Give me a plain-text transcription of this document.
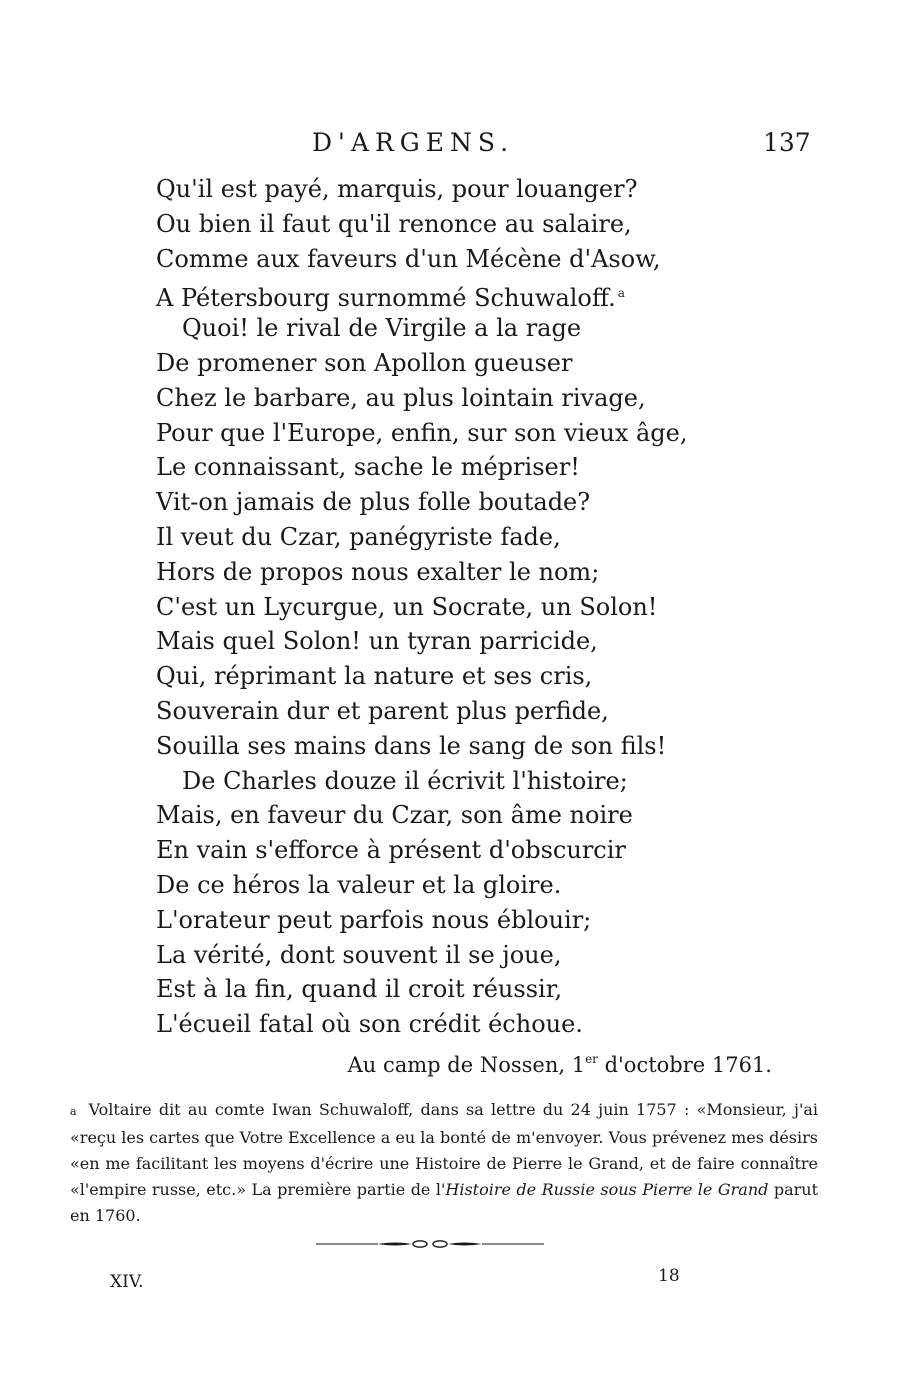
D'ARGENS.	137
Qu'il est payé, marquis, pour louanger?
Ou bien il faut qu'il renonce au salaire,
Comme aux faveurs d'un Mécène d'Asow,
A Pétersbourg surnommé Schuwaloff. $^a$
Quoi! le rival de Virgile a la rage
De promener son Apollon gueuser
Chez le barbare, au plus lointain rivage,
Pour que l'Europe, enfin, sur son vieux âge,
Le connaissant, sache le mépriser!
Vit-on jamais de plus folle boutade?
Il veut du Czar, panégyriste fade,
Hors de propos nous exalter le nom;
C'est un Lycurgue, un Socrate, un Solon!
Mais quel Solon! un tyran parricide,
Qui, réprimant la nature et ses cris,
Souverain dur et parent plus perfide,
Souilla ses mains dans le sang de son fils!
De Charles douze il écrivit l'histoire;
Mais, en faveur du Czar, son âme noire
En vain s'efforce à présent d'obscurcir
De ce héros la valeur et la gloire.
L'orateur peut parfois nous éblouir;
La vérité, dont souvent il se joue,
Est à la fin, quand il croit réussir,
L'écueil fatal où son crédit échoue.
Au camp de Nossen, 1er d'octobre 1761.
a Voltaire dit au comte Iwan Schuwaloff, dans sa lettre du 24 juin 1757 : «Monsieur, j'ai «reçu les cartes que Votre Excellence a eu la bonté de m'envoyer. Vous prévenez mes désirs «en me facilitant les moyens d'écrire une Histoire de Pierre le Grand, et de faire connaître «l'empire russe, etc.» La première partie de l'Histoire de Russie sous Pierre le Grand parut en 1760.
XIV.	18
